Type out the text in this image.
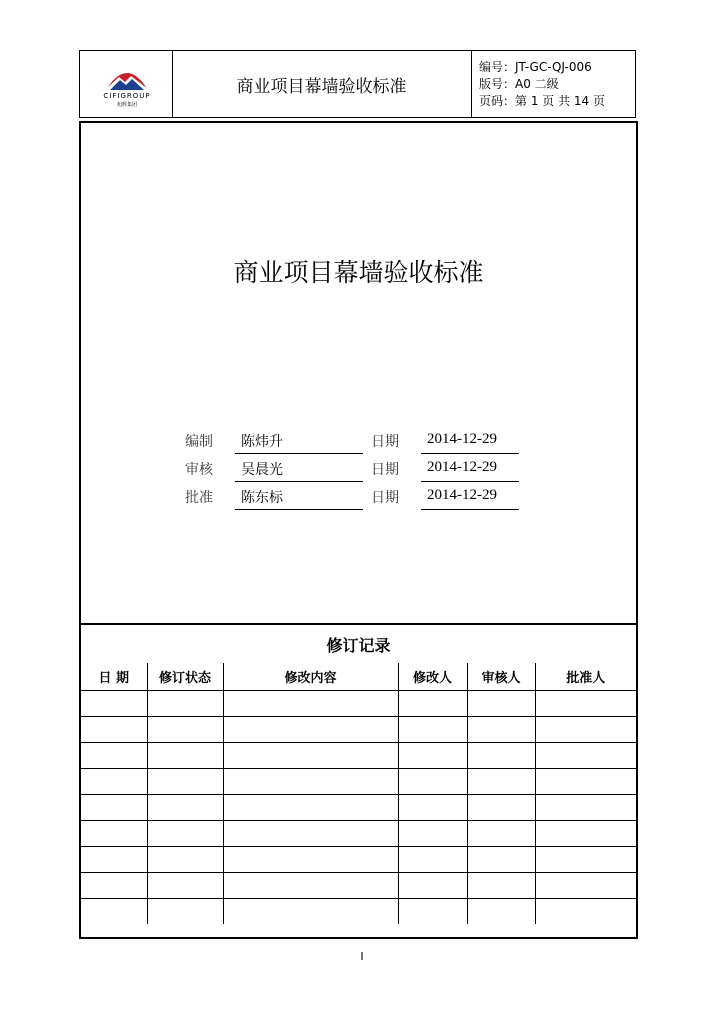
CIFIGROUP
旭辉集团
商业项目幕墙验收标准
编号：JT-GC-QJ-006
版号：A0 二级
页码：第 1 页 共 14 页
商业项目幕墙验收标准
编制 陈炜升	日期 2014-12-29
审核 吴晨光	日期 2014-12-29
批准 陈东标	日期 2014-12-29
修订记录
日 期	修订状态	修改内容	修改人	审核人	批准人

I
